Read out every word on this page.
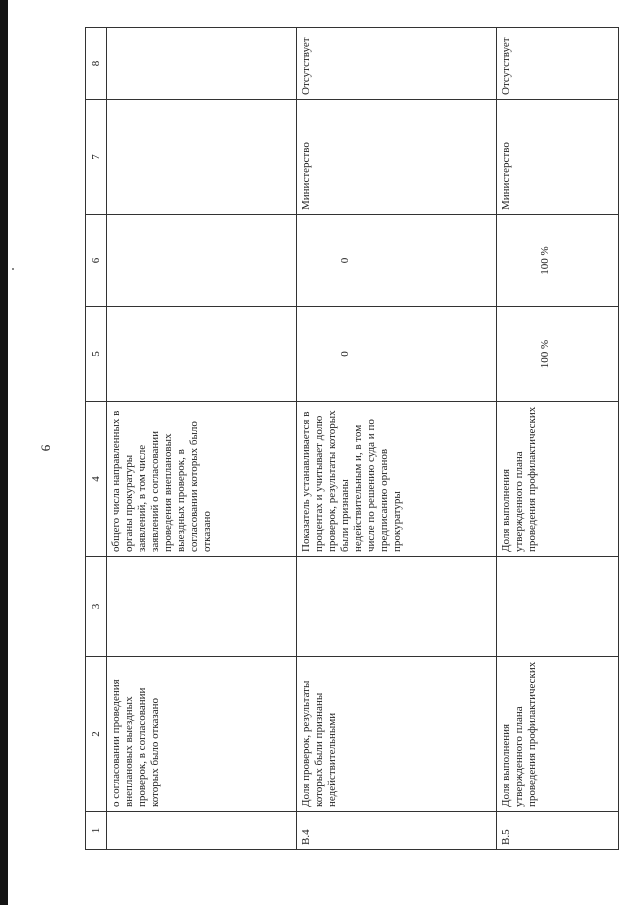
9
1	2	3	4	5	6	7	8
	о согласовании проведения внеплановых выездных проверок, в согласовании которых было отказано		общего числа направленных в органы прокуратуры заявлений, в том числе заявлений о согласовании проведения внеплановых выездных проверок, в согласовании которых было отказано				
В.4	Доля проверок, результаты которых были признаны недействительными		Показатель устанавливается в процентах и учитывает долю проверок, результаты которых были признаны недействительным и, в том числе по решению суда и по предписанию органов прокуратуры	0	0	Министерство	Отсутствует
В.5	Доля выполнения утвержденного плана проведения профилактических		Доля выполнения утвержденного плана проведения профилактических	100 %	100 %	Министерство	Отсутствует
